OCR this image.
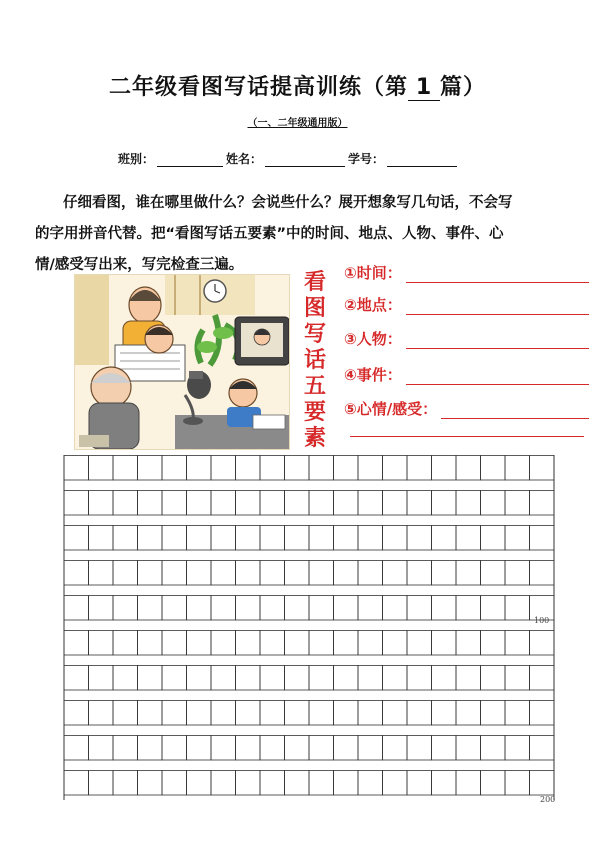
二年级看图写话提高训练（第 1 篇）
（一、二年级通用版）
班别：	姓名：	学号：
仔细看图，谁在哪里做什么？会说些什么？展开想象写几句话，不会写
的字用拼音代替。把“看图写话五要素”中的时间、地点、人物、事件、心
情/感受写出来，写完检查三遍。
看
图
写
话
五
要
素
①时间：
②地点：
③人物：
④事件：
⑤心情/感受：
100
200
